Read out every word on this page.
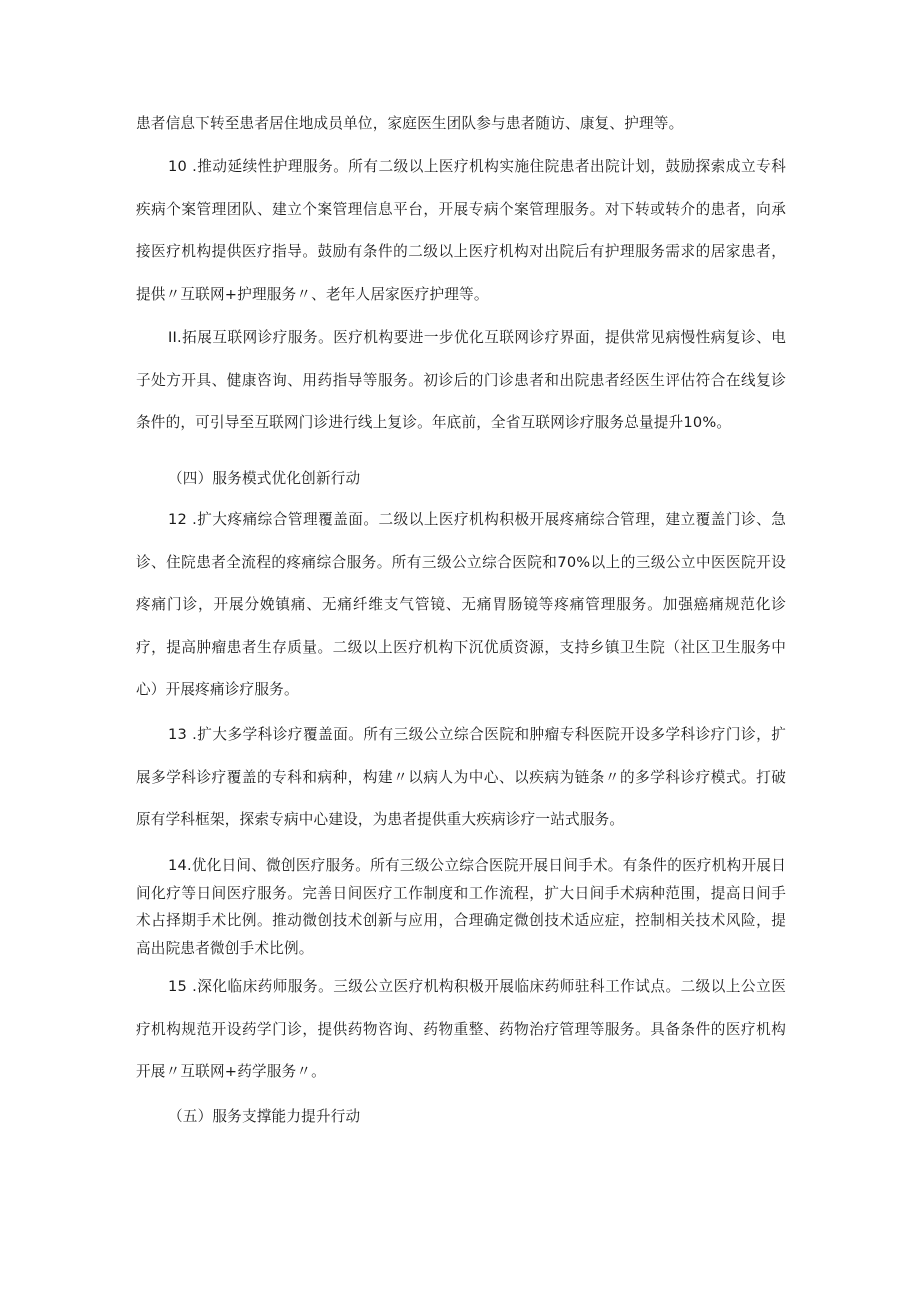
患者信息下转至患者居住地成员单位，家庭医生团队参与患者随访、康复、护理等。

10 .推动延续性护理服务。所有二级以上医疗机构实施住院患者出院计划，鼓励探索成立专科疾病个案管理团队、建立个案管理信息平台，开展专病个案管理服务。对下转或转介的患者，向承接医疗机构提供医疗指导。鼓励有条件的二级以上医疗机构对出院后有护理服务需求的居家患者，提供〃互联网+护理服务〃、老年人居家医疗护理等。

II.拓展互联网诊疗服务。医疗机构要进一步优化互联网诊疗界面，提供常见病慢性病复诊、电子处方开具、健康咨询、用药指导等服务。初诊后的门诊患者和出院患者经医生评估符合在线复诊条件的，可引导至互联网门诊进行线上复诊。年底前，全省互联网诊疗服务总量提升10%。

（四）服务模式优化创新行动

12 .扩大疼痛综合管理覆盖面。二级以上医疗机构积极开展疼痛综合管理，建立覆盖门诊、急诊、住院患者全流程的疼痛综合服务。所有三级公立综合医院和70%以上的三级公立中医医院开设疼痛门诊，开展分娩镇痛、无痛纤维支气管镜、无痛胃肠镜等疼痛管理服务。加强癌痛规范化诊疗，提高肿瘤患者生存质量。二级以上医疗机构下沉优质资源，支持乡镇卫生院（社区卫生服务中心）开展疼痛诊疗服务。

13 .扩大多学科诊疗覆盖面。所有三级公立综合医院和肿瘤专科医院开设多学科诊疗门诊，扩展多学科诊疗覆盖的专科和病种，构建〃以病人为中心、以疾病为链条〃的多学科诊疗模式。打破原有学科框架，探索专病中心建设，为患者提供重大疾病诊疗一站式服务。

14.优化日间、微创医疗服务。所有三级公立综合医院开展日间手术。有条件的医疗机构开展日间化疗等日间医疗服务。完善日间医疗工作制度和工作流程，扩大日间手术病种范围，提高日间手术占择期手术比例。推动微创技术创新与应用，合理确定微创技术适应症，控制相关技术风险，提高出院患者微创手术比例。

15 .深化临床药师服务。三级公立医疗机构积极开展临床药师驻科工作试点。二级以上公立医疗机构规范开设药学门诊，提供药物咨询、药物重整、药物治疗管理等服务。具备条件的医疗机构开展〃互联网+药学服务〃。

（五）服务支撑能力提升行动
